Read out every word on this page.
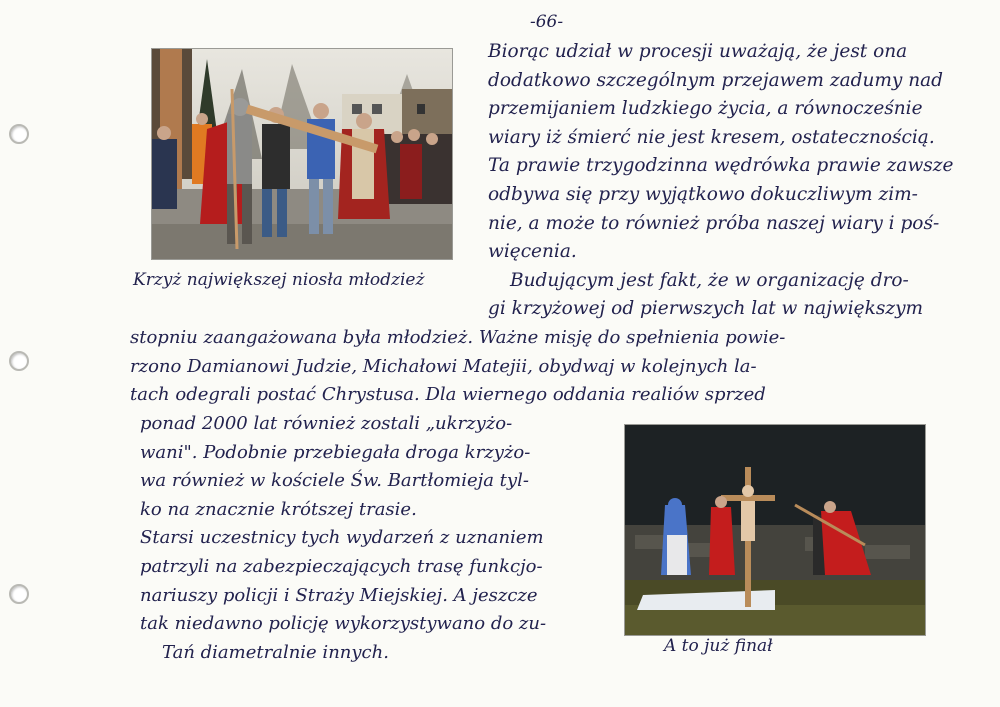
-66-
Krzyż największej niosła młodzież
Biorąc udział w procesji uważają, że jest ona
dodatkowo szczególnym przejawem zadumy nad
przemijaniem ludzkiego życia, a równocześnie
wiary iż śmierć nie jest kresem, ostatecznością.
Ta prawie trzygodzinna wędrówka prawie zawsze
odbywa się przy wyjątkowo dokuczliwym zim-
nie, a może to również próba naszej wiary i poś-
więcenia.
Budującym jest fakt, że w organizację dro-
gi krzyżowej od pierwszych lat w największym
stopniu zaangażowana była młodzież. Ważne misję do spełnienia powie-
rzono Damianowi Judzie, Michałowi Matejii, obydwaj w kolejnych la-
tach odegrali postać Chrystusa. Dla wiernego oddania realiów sprzed
ponad 2000 lat również zostali „ukrzyżo-
wani". Podobnie przebiegała droga krzyżo-
wa również w kościele Św. Bartłomieja tyl-
ko na znacznie krótszej trasie.
Starsi uczestnicy tych wydarzeń z uznaniem
patrzyli na zabezpieczających trasę funkcjo-
nariuszy policji i Straży Miejskiej. A jeszcze
tak niedawno policję wykorzystywano do zu-
Tań diametralnie innych.	A to już finał
